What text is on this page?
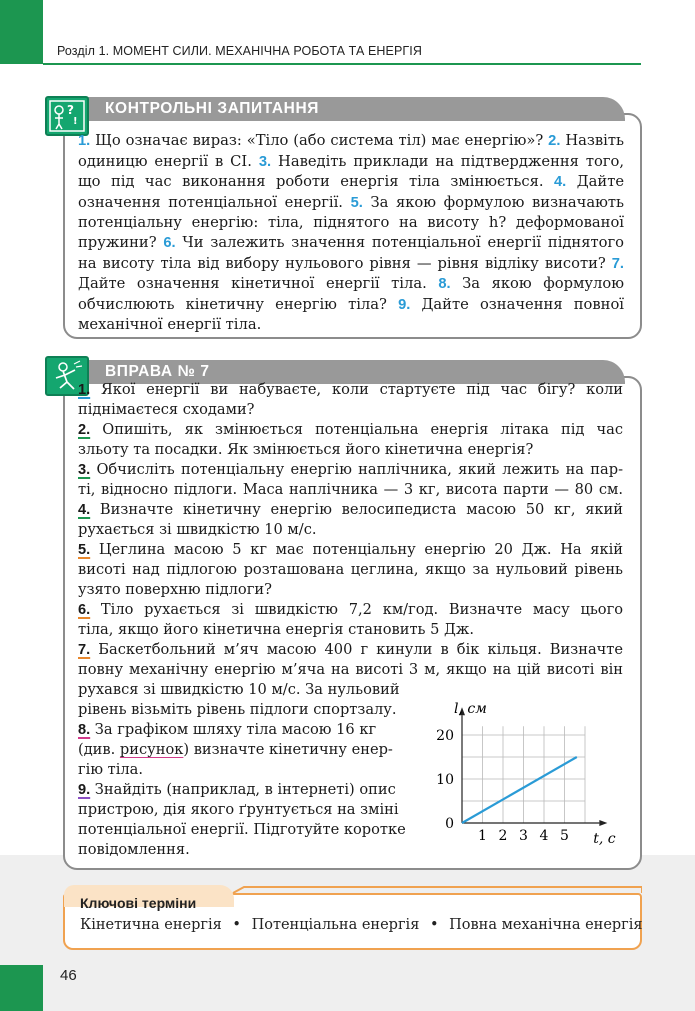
Розділ 1. МОМЕНТ СИЛИ. МЕХАНІЧНА РОБОТА ТА ЕНЕРГІЯ
КОНТРОЛЬНІ ЗАПИТАННЯ
?
!
1. Що означає вираз: «Тіло (або система тіл) має енергію»? 2. Назвіть одиницю енергії в СІ. 3. Наведіть приклади на підтвердження того, що під час виконання роботи енергія тіла змінюється. 4. Дайте означення потенціальної енергії. 5. За якою формулою визначають потенціальну енергію: тіла, піднятого на висоту h? деформованої пружини? 6. Чи залежить значення потенціальної енергії піднятого на висоту тіла від вибору нульового рівня — рівня відліку висоти? 7. Дайте означення кінетичної енергії тіла. 8. За якою формулою обчислюють кінетичну енергію тіла? 9. Дайте означення повної механічної енергії тіла.
ВПРАВА № 7
1. Якої енергії ви набуваєте, коли стартуєте під час бігу? коли
піднімаєтеся сходами?
2. Опишіть, як змінюється потенціальна енергія літака під час
зльоту та посадки. Як змінюється його кінетична енергія?
3. Обчисліть потенціальну енергію наплічника, який лежить на пар-
ті, відносно підлоги. Маса наплічника — 3 кг, висота парти — 80 см.
4. Визначте кінетичну енергію велосипедиста масою 50 кг, який
рухається зі швидкістю 10 м/с.
5. Цеглина масою 5 кг має потенціальну енергію 20 Дж. На якій
висоті над підлогою розташована цеглина, якщо за нульовий рівень
узято поверхню підлоги?
6. Тіло рухається зі швидкістю 7,2 км/год. Визначте масу цього
тіла, якщо його кінетична енергія становить 5 Дж.
7. Баскетбольний м’яч масою 400 г кинули в бік кільця. Визначте
повну механічну енергію м’яча на висоті 3 м, якщо на цій висоті він
рухався зі швидкістю 10 м/с. За нульовий
рівень візьміть рівень підлоги спортзалу.
8. За графіком шляху тіла масою 16 кг
(див. рисунок) визначте кінетичну енер-
гію тіла.
9. Знайдіть (наприклад, в інтернеті) опис
пристрою, дія якого ґрунтується на зміні
потенціальної енергії. Підготуйте коротке
повідомлення.
1 2 3 4 5
0
10
20
t, c
l, см
Ключові терміни
Кінетична енергія • Потенціальна енергія • Повна механічна енергія
46
